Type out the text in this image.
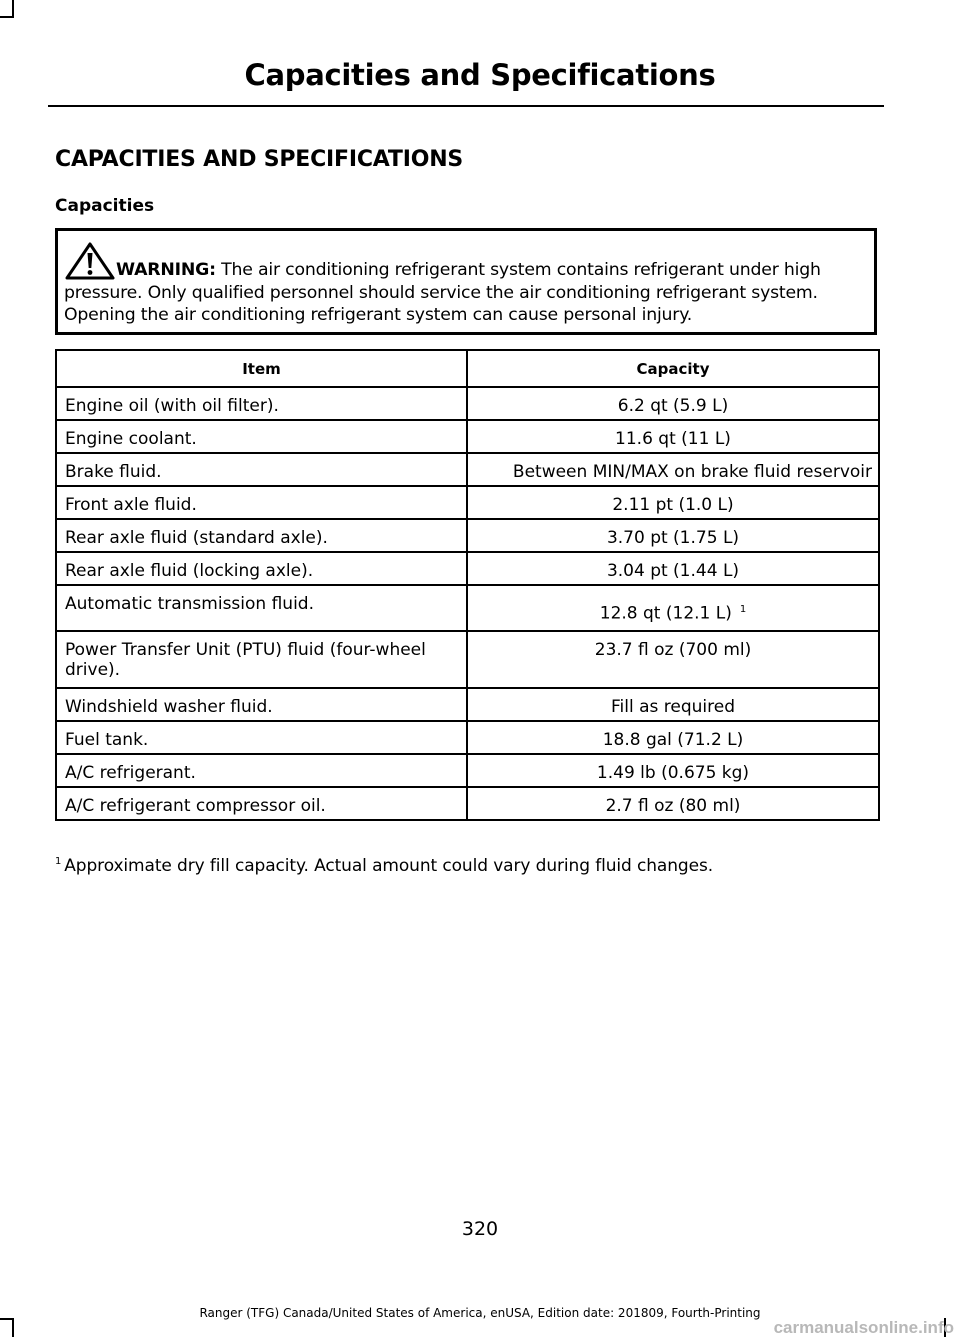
Capacities and Specifications
CAPACITIES AND SPECIFICATIONS
Capacities
WARNING: The air conditioning refrigerant system contains refrigerant under high pressure. Only qualified personnel should service the air conditioning refrigerant system. Opening the air conditioning refrigerant system can cause personal injury.
Item	Capacity
Engine oil (with oil filter).	6.2 qt (5.9 L)
Engine coolant.	11.6 qt (11 L)
Brake fluid.	Between MIN/MAX on brake fluid reservoir
Front axle fluid.	2.11 pt (1.0 L)
Rear axle fluid (standard axle).	3.70 pt (1.75 L)
Rear axle fluid (locking axle).	3.04 pt (1.44 L)
Automatic transmission fluid.	12.8 qt (12.1 L) $^1$
Power Transfer Unit (PTU) fluid (four-wheel drive).	23.7 fl oz (700 ml)
Windshield washer fluid.	Fill as required
Fuel tank.	18.8 gal (71.2 L)
A/C refrigerant.	1.49 lb (0.675 kg)
A/C refrigerant compressor oil.	2.7 fl oz (80 ml)
$^1$ Approximate dry fill capacity. Actual amount could vary during fluid changes.
320
Ranger (TFG) Canada/United States of America, enUSA, Edition date: 201809, Fourth-Printing
carmanualsonline.info
